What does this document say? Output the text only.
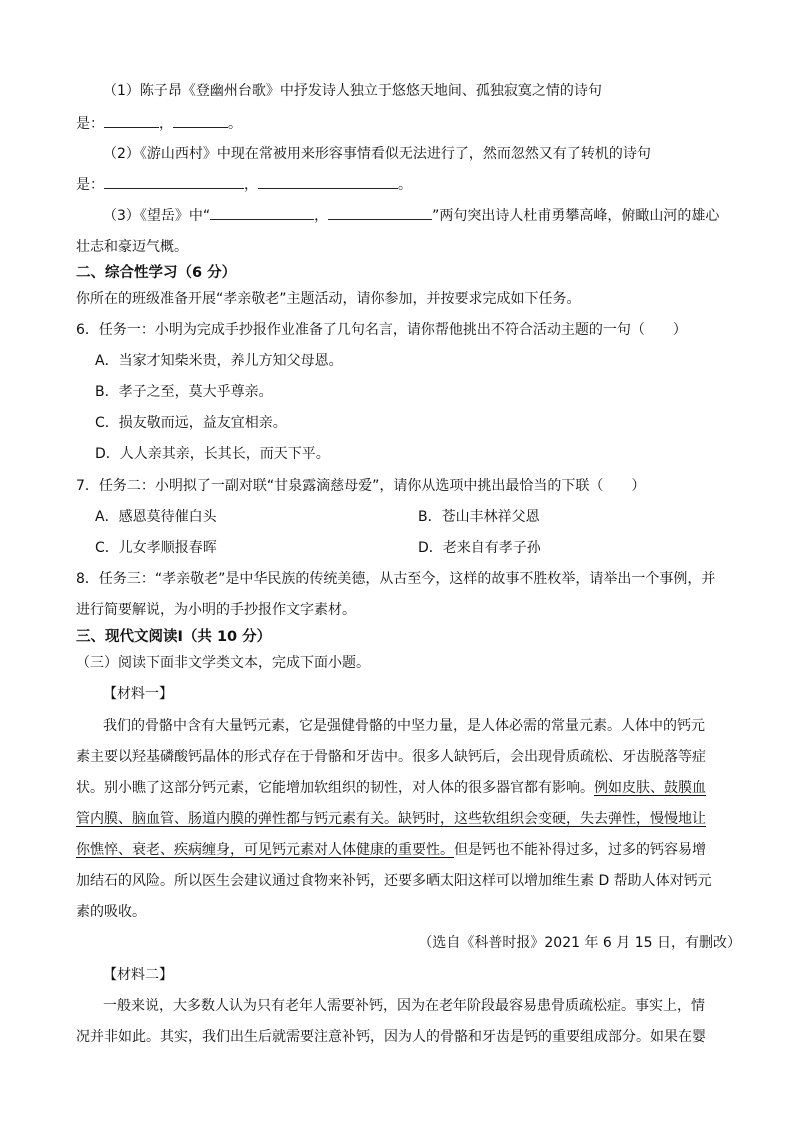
（1）陈子昂《登幽州台歌》中抒发诗人独立于悠悠天地间、孤独寂寞之情的诗句
是：	，	。
（2）《游山西村》中现在常被用来形容事情看似无法进行了，然而忽然又有了转机的诗句
是：	，	。
（3）《望岳》中“	，	”两句突出诗人杜甫勇攀高峰，俯瞰山河的雄心
壮志和豪迈气概。
二、综合性学习（6 分）
你所在的班级准备开展“孝亲敬老”主题活动，请你参加，并按要求完成如下任务。
6．任务一：小明为完成手抄报作业准备了几句名言，请你帮他挑出不符合活动主题的一句（　　）
A．当家才知柴米贵，养儿方知父母恩。
B．孝子之至，莫大乎尊亲。
C．损友敬而远，益友宜相亲。
D．人人亲其亲，长其长，而天下平。
7．任务二：小明拟了一副对联“甘泉露滴慈母爱”，请你从选项中挑出最恰当的下联（　　）
A．感恩莫待催白头	B．苍山丰林祥父恩
C．儿女孝顺报春晖	D．老来自有孝子孙
8．任务三：“孝亲敬老”是中华民族的传统美德，从古至今，这样的故事不胜枚举，请举出一个事例，并
进行简要解说，为小明的手抄报作文字素材。
三、现代文阅读Ⅰ（共 10 分）
（三）阅读下面非文学类文本，完成下面小题。
【材料一】
我们的骨骼中含有大量钙元素，它是强健骨骼的中坚力量，是人体必需的常量元素。人体中的钙元
素主要以羟基磷酸钙晶体的形式存在于骨骼和牙齿中。很多人缺钙后，会出现骨质疏松、牙齿脱落等症
状。别小瞧了这部分钙元素，它能增加软组织的韧性，对人体的很多器官都有影响。例如皮肤、鼓膜血
管内膜、脑血管、肠道内膜的弹性都与钙元素有关。缺钙时，这些软组织会变硬，失去弹性，慢慢地让
你憔悴、衰老、疾病缠身，可见钙元素对人体健康的重要性。但是钙也不能补得过多，过多的钙容易增
加结石的风险。所以医生会建议通过食物来补钙，还要多晒太阳这样可以增加维生素 D 帮助人体对钙元
素的吸收。
（选自《科普时报》2021 年 6 月 15 日，有删改）
【材料二】
一般来说，大多数人认为只有老年人需要补钙，因为在老年阶段最容易患骨质疏松症。事实上，情
况并非如此。其实，我们出生后就需要注意补钙，因为人的骨骼和牙齿是钙的重要组成部分。如果在婴
